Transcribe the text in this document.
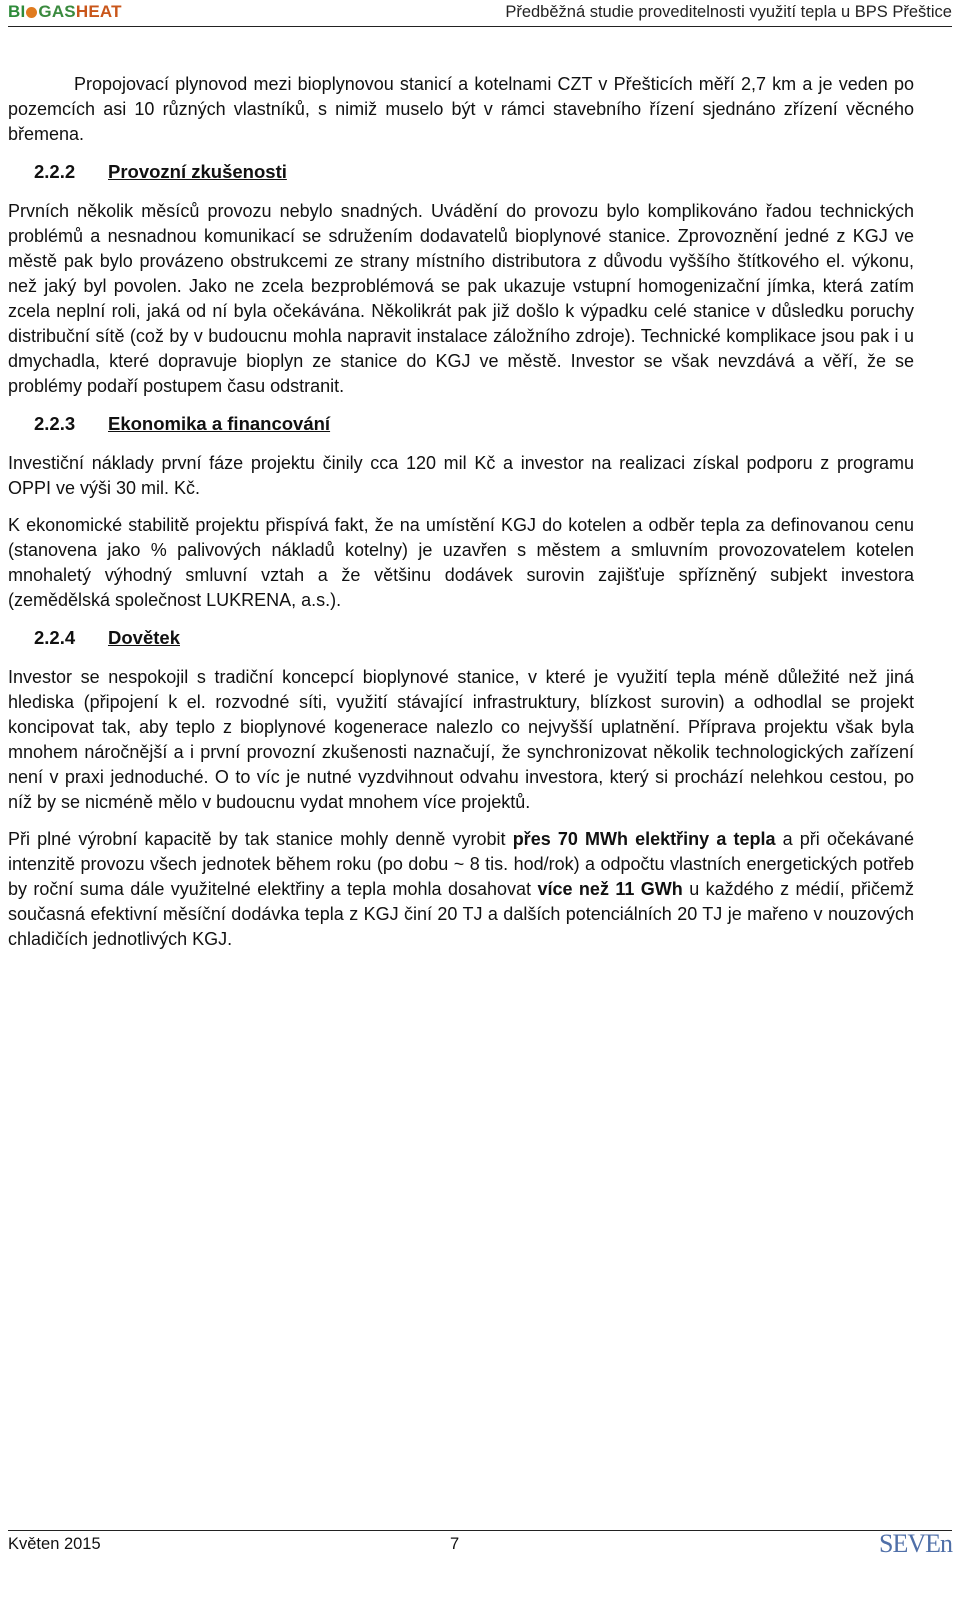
BI GASHEAT	Předběžná studie proveditelnosti využití tepla u BPS Přeštice

Propojovací plynovod mezi bioplynovou stanicí a kotelnami CZT v Přešticích měří 2,7 km a je veden po pozemcích asi 10 různých vlastníků, s nimiž muselo být v rámci stavebního řízení sjednáno zřízení věcného břemena.

2.2.2 Provozní zkušenosti

Prvních několik měsíců provozu nebylo snadných. Uvádění do provozu bylo komplikováno řadou technických problémů a nesnadnou komunikací se sdružením dodavatelů bioplynové stanice. Zprovoznění jedné z KGJ ve městě pak bylo provázeno obstrukcemi ze strany místního distributora z důvodu vyššího štítkového el. výkonu, než jaký byl povolen. Jako ne zcela bezproblémová se pak ukazuje vstupní homogenizační jímka, která zatím zcela neplní roli, jaká od ní byla očekávána. Několikrát pak již došlo k výpadku celé stanice v důsledku poruchy distribuční sítě (což by v budoucnu mohla napravit instalace záložního zdroje). Technické komplikace jsou pak i u dmychadla, které dopravuje bioplyn ze stanice do KGJ ve městě. Investor se však nevzdává a věří, že se problémy podaří postupem času odstranit.

2.2.3 Ekonomika a financování

Investiční náklady první fáze projektu činily cca 120 mil Kč a investor na realizaci získal podporu z programu OPPI ve výši 30 mil. Kč.

K ekonomické stabilitě projektu přispívá fakt, že na umístění KGJ do kotelen a odběr tepla za definovanou cenu (stanovena jako % palivových nákladů kotelny) je uzavřen s městem a smluvním provozovatelem kotelen mnohaletý výhodný smluvní vztah a že většinu dodávek surovin zajišťuje spřízněný subjekt investora (zemědělská společnost LUKRENA, a.s.).

2.2.4 Dovětek

Investor se nespokojil s tradiční koncepcí bioplynové stanice, v které je využití tepla méně důležité než jiná hlediska (připojení k el. rozvodné síti, využití stávající infrastruktury, blízkost surovin) a odhodlal se projekt koncipovat tak, aby teplo z bioplynové kogenerace nalezlo co nejvyšší uplatnění. Příprava projektu však byla mnohem náročnější a i první provozní zkušenosti naznačují, že synchronizovat několik technologických zařízení není v praxi jednoduché. O to víc je nutné vyzdvihnout odvahu investora, který si prochází nelehkou cestou, po níž by se nicméně mělo v budoucnu vydat mnohem více projektů.

Při plné výrobní kapacitě by tak stanice mohly denně vyrobit přes 70 MWh elektřiny a tepla a při očekávané intenzitě provozu všech jednotek během roku (po dobu ~ 8 tis. hod/rok) a odpočtu vlastních energetických potřeb by roční suma dále využitelné elektřiny a tepla mohla dosahovat více než 11 GWh u každého z médií, přičemž současná efektivní měsíční dodávka tepla z KGJ činí 20 TJ a dalších potenciálních 20 TJ je mařeno v nouzových chladičích jednotlivých KGJ.

Květen 2015	7	SEVEn
